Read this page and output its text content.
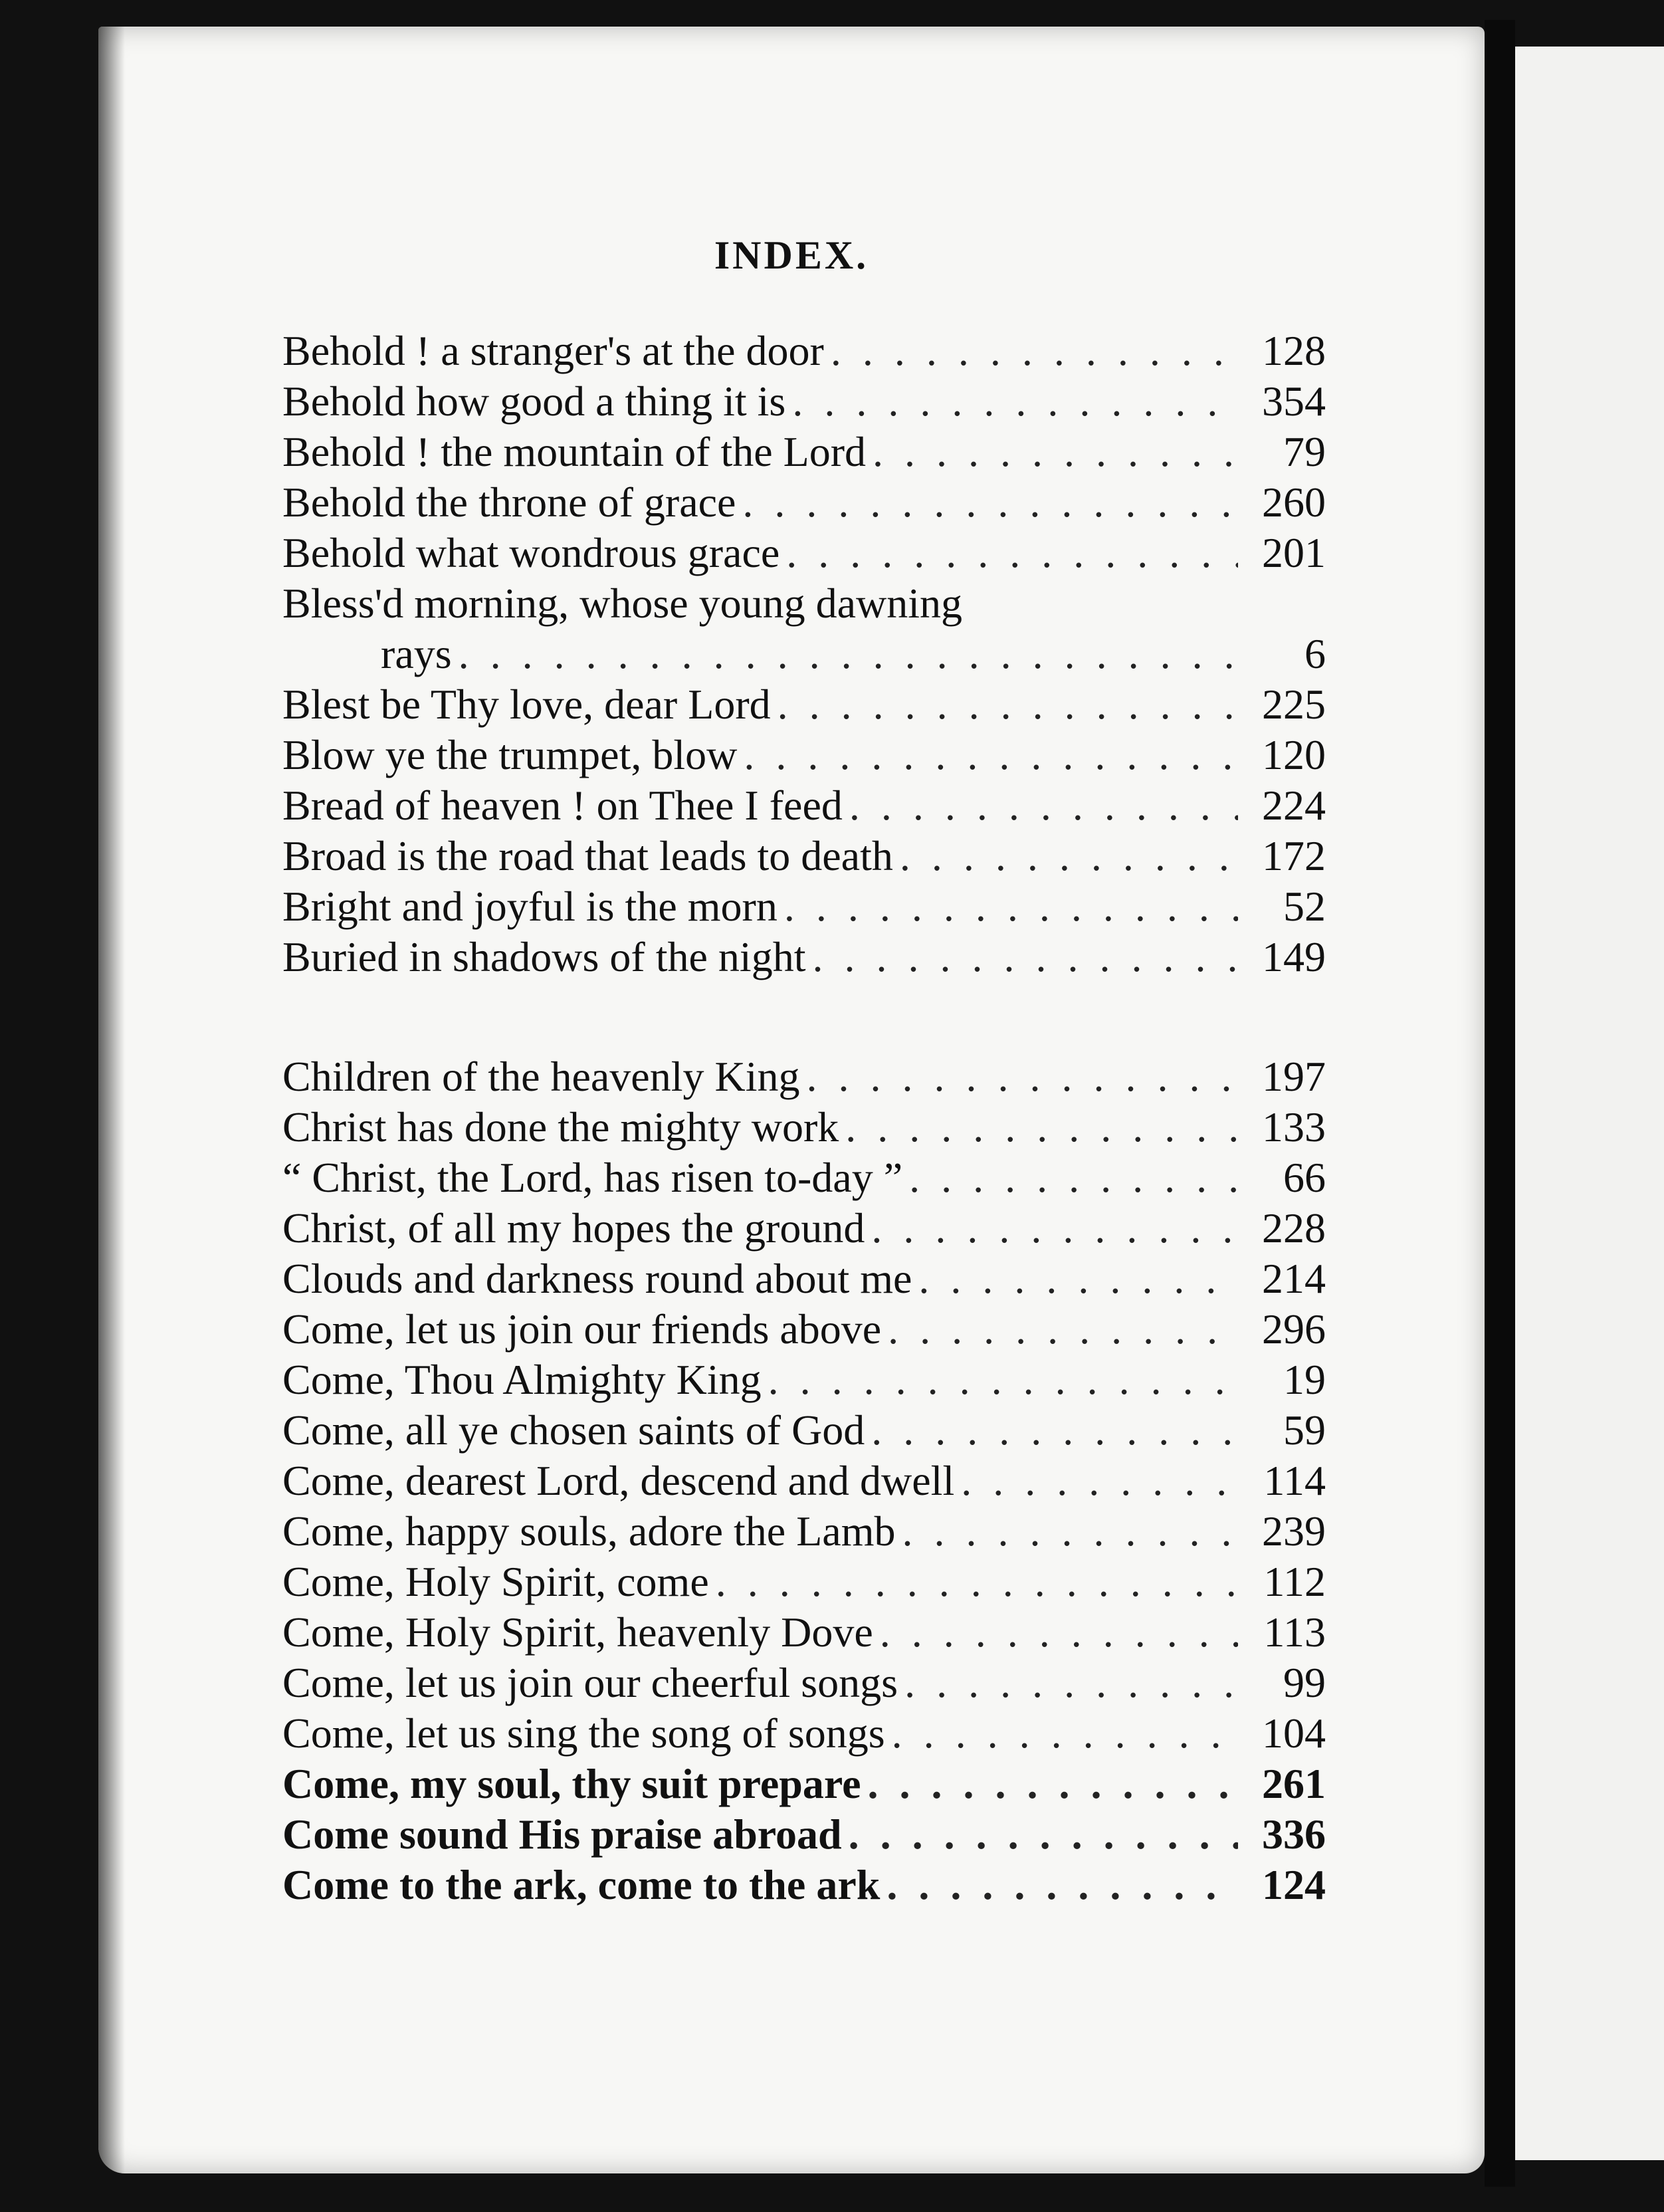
INDEX.
Behold ! a stranger's at the door . . .	128
Behold how good a thing it is . . .	354
Behold ! the mountain of the Lord . . .	79
Behold the throne of grace . . .	260
Behold what wondrous grace . . .	201
Bless'd morning, whose young dawning
rays . . .	6
Blest be Thy love, dear Lord . . .	225
Blow ye the trumpet, blow . . .	120
Bread of heaven ! on Thee I feed . . .	224
Broad is the road that leads to death . . .	172
Bright and joyful is the morn . . .	52
Buried in shadows of the night . . .	149
Children of the heavenly King . . .	197
Christ has done the mighty work . . .	133
“ Christ, the Lord, has risen to-day ” . . .	66
Christ, of all my hopes the ground . . .	228
Clouds and darkness round about me . . .	214
Come, let us join our friends above . . .	296
Come, Thou Almighty King . . .	19
Come, all ye chosen saints of God . . .	59
Come, dearest Lord, descend and dwell . . .	114
Come, happy souls, adore the Lamb . . .	239
Come, Holy Spirit, come . . .	112
Come, Holy Spirit, heavenly Dove . . .	113
Come, let us join our cheerful songs . . .	99
Come, let us sing the song of songs . . .	104
Come, my soul, thy suit prepare . . .	261
Come sound His praise abroad . . .	336
Come to the ark, come to the ark . . .	124
